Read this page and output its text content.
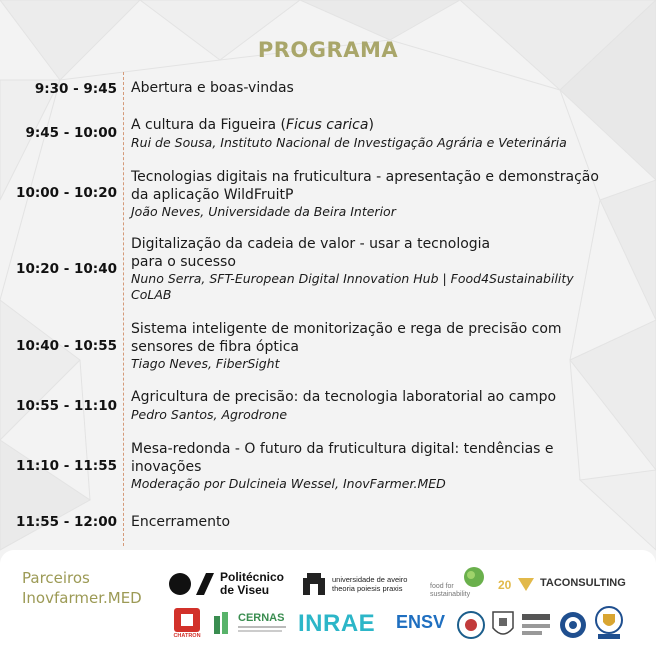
PROGRAMA
9:30 - 9:45 Abertura e boas-vindas
9:45 - 10:00 A cultura da Figueira (Ficus carica)
Rui de Sousa, Instituto Nacional de Investigação Agrária e Veterinária
10:00 - 10:20
Tecnologias digitais na fruticultura - apresentação e demonstração
da aplicação WildFruitP
João Neves, Universidade da Beira Interior
10:20 - 10:40
Digitalização da cadeia de valor - usar a tecnologia
para o sucesso
Nuno Serra, SFT-European Digital Innovation Hub | Food4Sustainability
CoLAB
10:40 - 10:55
Sistema inteligente de monitorização e rega de precisão com
sensores de fibra óptica
Tiago Neves, FiberSight
10:55 - 11:10
Agricultura de precisão: da tecnologia laboratorial ao campo
Pedro Santos, Agrodrone
11:10 - 11:55
Mesa-redonda - O futuro da fruticultura digital: tendências e
inovações
Moderação por Dulcineia Wessel, InovFarmer.MED
11:55 - 12:00 Encerramento
Parceiros
Inovfarmer.MED
Politécnico
de Viseu
universidade de aveiro
theoria poiesis praxis	food for
sustainability
20	TACONSULTING
CHATRON
CERNAS INRAE	ENSV
